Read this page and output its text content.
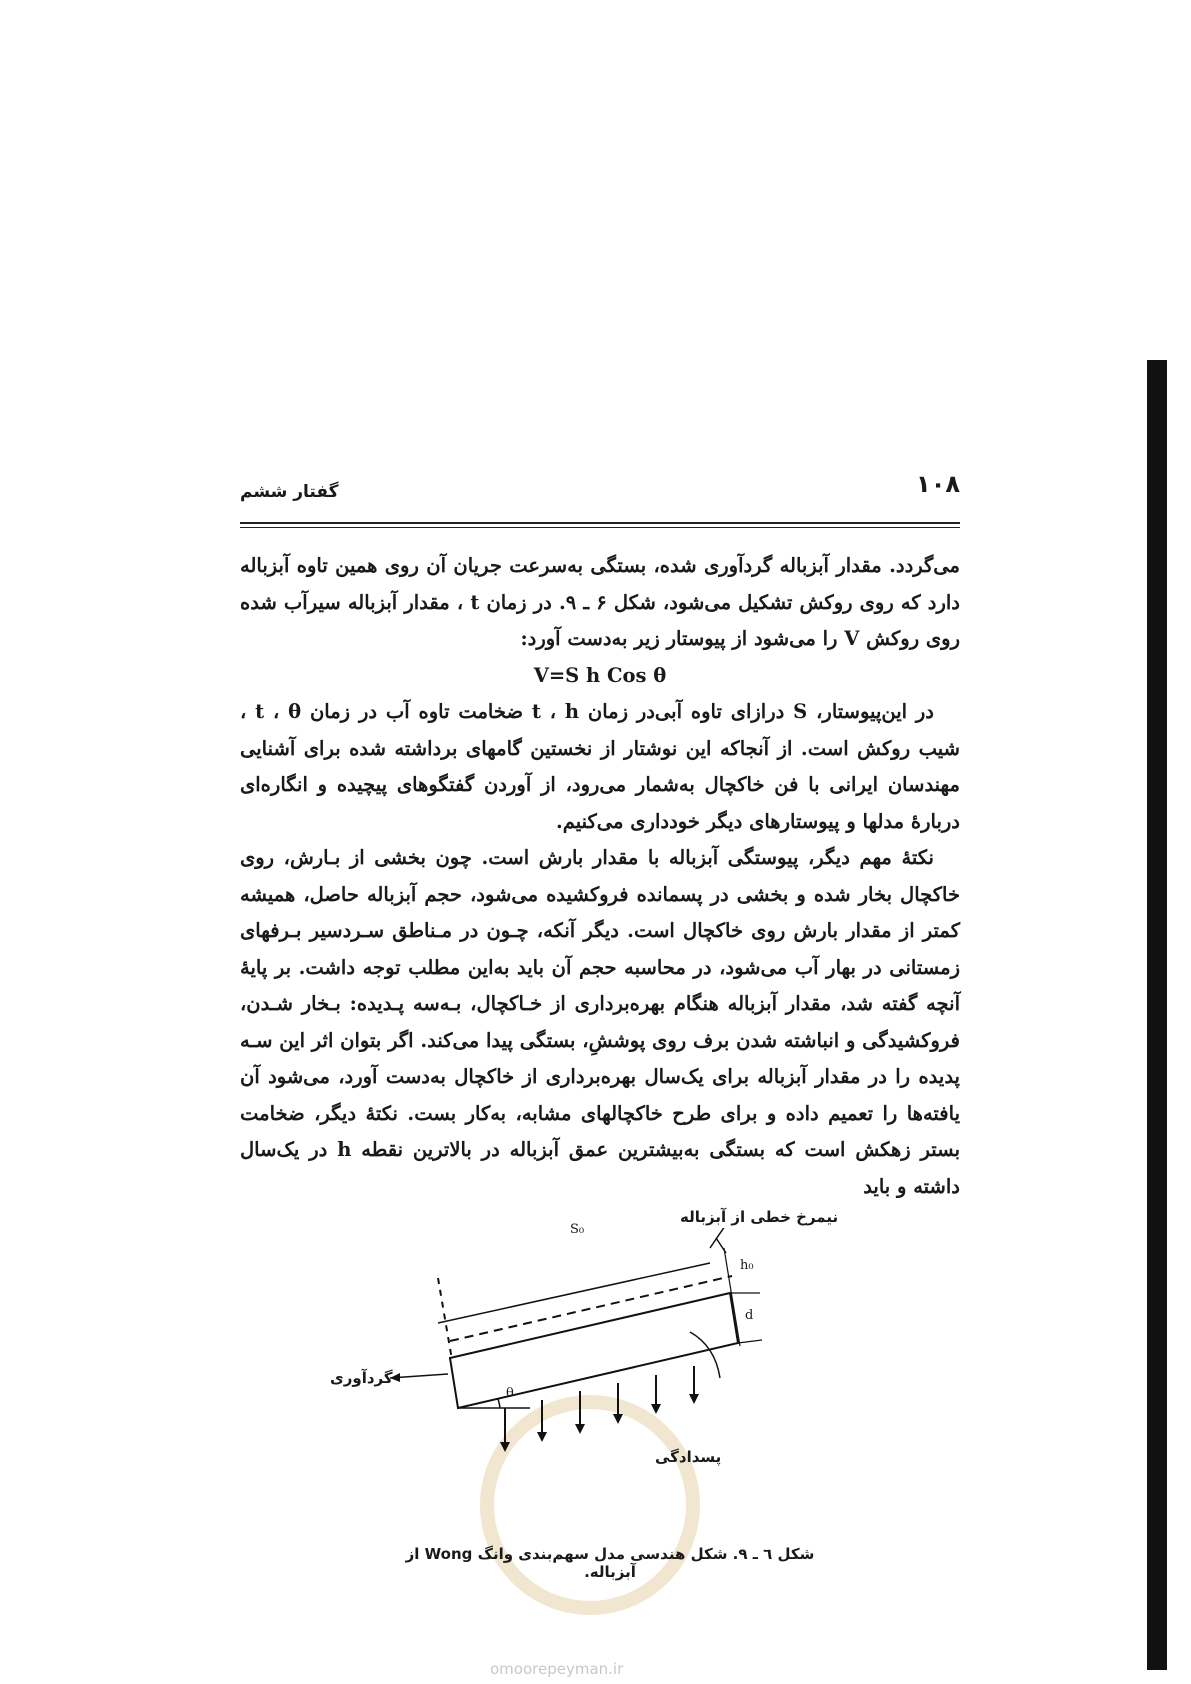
۱۰۸
گفتار ششم

می‌گردد. مقدار آبزباله گردآوری شده، بستگی به‌سرعت جریان آن روی همین تاوه آبزباله دارد که روی روکش تشکیل می‌شود، شکل ۶ ـ ۹. در زمان t ، مقدار آبزباله سیرآب شده روی روکش V را می‌شود از پیوستار زیر به‌دست آورد:

V=S h Cos θ

در این‌پیوستار، S درازای تاوه آبی‌در زمان t ، h ضخامت تاوه آب در زمان t ، θ ، شیب روکش است. از آنجاکه این نوشتار از نخستین گامهای برداشته شده برای آشنایی مهندسان ایرانی با فن خاکچال به‌شمار می‌رود، از آوردن گفتگوهای پیچیده و انگاره‌ای دربارهٔ مدلها و پیوستارهای دیگر خودداری می‌کنیم.

نکتهٔ مهم دیگر، پیوستگی آبزباله با مقدار بارش است. چون بخشی از بـارش، روی خاکچال بخار شده و بخشی در پسمانده فروکشیده می‌شود، حجم آبزباله حاصل، همیشه کمتر از مقدار بارش روی خاکچال است. دیگر آنکه، چـون در مـناطق سـردسیر بـرفهای زمستانی در بهار آب می‌شود، در محاسبه حجم آن باید به‌این مطلب توجه داشت. بر پایهٔ آنچه گفته شد، مقدار آبزباله هنگام بهره‌برداری از خـاکچال، بـه‌سه پـدیده: بـخار شـدن، فروکشیدگی و انباشته شدن برف روی پوششِ، بستگی پیدا می‌کند. اگر بتوان اثر این سـه پدیده را در مقدار آبزباله برای یک‌سال بهره‌برداری از خاکچال به‌دست آورد، می‌شود آن یافته‌ها را تعمیم داده و برای طرح خاکچالهای مشابه، به‌کار بست. نکتهٔ دیگر، ضخامت بستر زهکش است که بستگی به‌بیشترین عمق آبزباله در بالاترین نقطه h در یک‌سال داشته و باید

نیمرخ خطی از آبزباله
گردآوری
پسدادگی
S₀
h₀
d
θ
شکل ٦ ـ ۹. شکل هندسی مدل سهم‌بندی وانگ Wong از آبزباله.
omoorepeyman.ir
